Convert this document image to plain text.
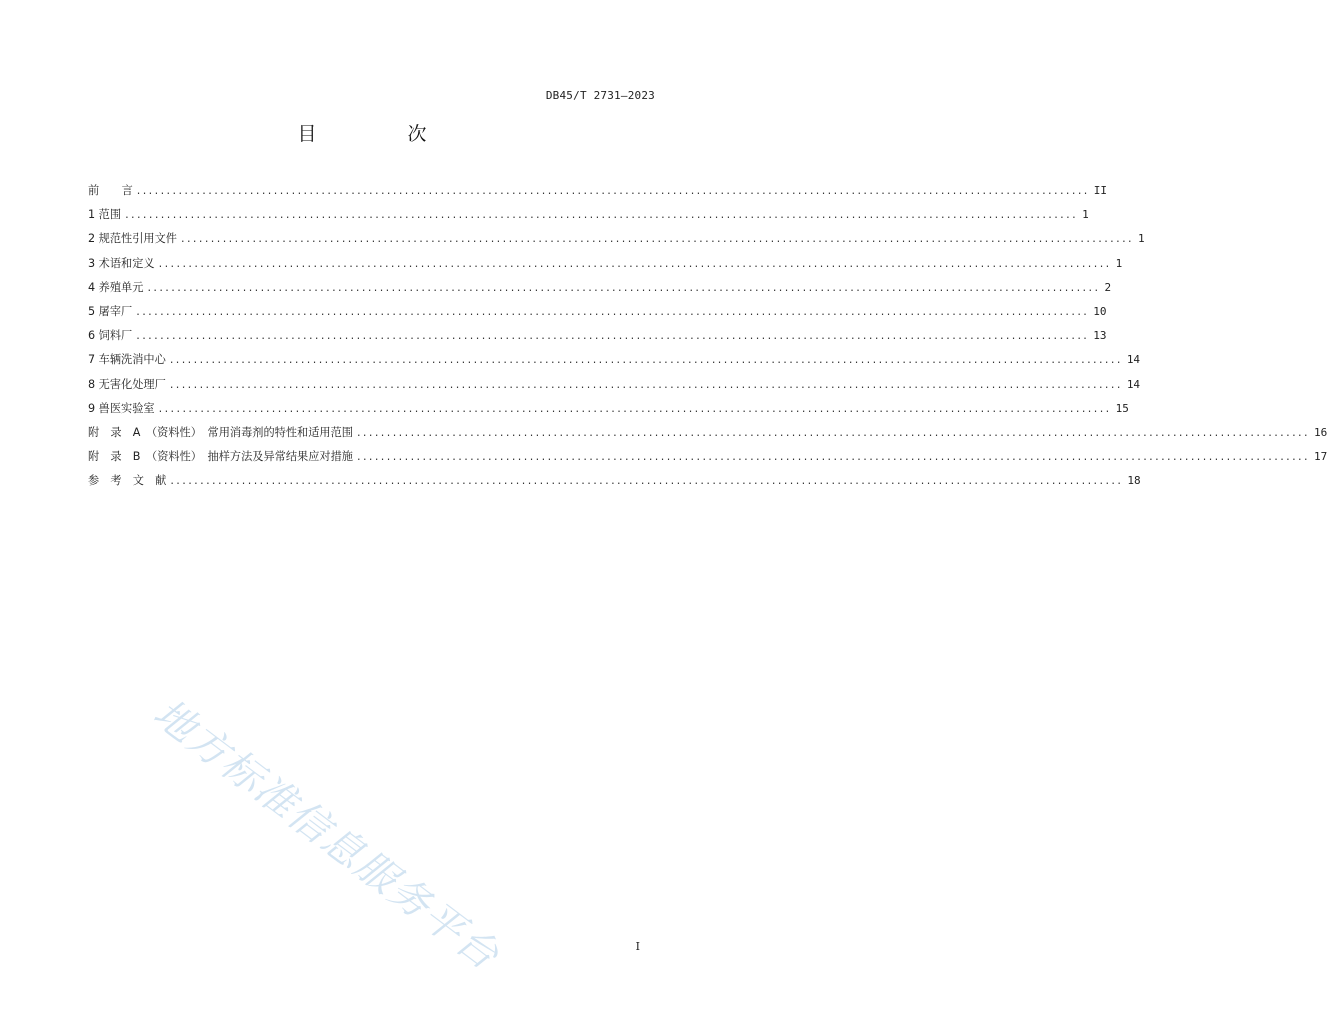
DB45/T 2731—2023
目　次
前　　言 ................................................................................................................................................................ II
1 范围 ................................................................................................................................................................ 1
2 规范性引用文件 ................................................................................................................................................................ 1
3 术语和定义 ................................................................................................................................................................ 1
4 养殖单元 ................................................................................................................................................................ 2
5 屠宰厂 ................................................................................................................................................................ 10
6 饲料厂 ................................................................................................................................................................ 13
7 车辆洗消中心 ................................................................................................................................................................ 14
8 无害化处理厂 ................................................................................................................................................................ 14
9 兽医实验室 ................................................................................................................................................................ 15
附　录　A　（资料性）　常用消毒剂的特性和适用范围 ................................................................................................................................................................ 16
附　录　B　（资料性）　抽样方法及异常结果应对措施 ................................................................................................................................................................ 17
参　考　文　献 ................................................................................................................................................................ 18
地方标准信息服务平台	I
